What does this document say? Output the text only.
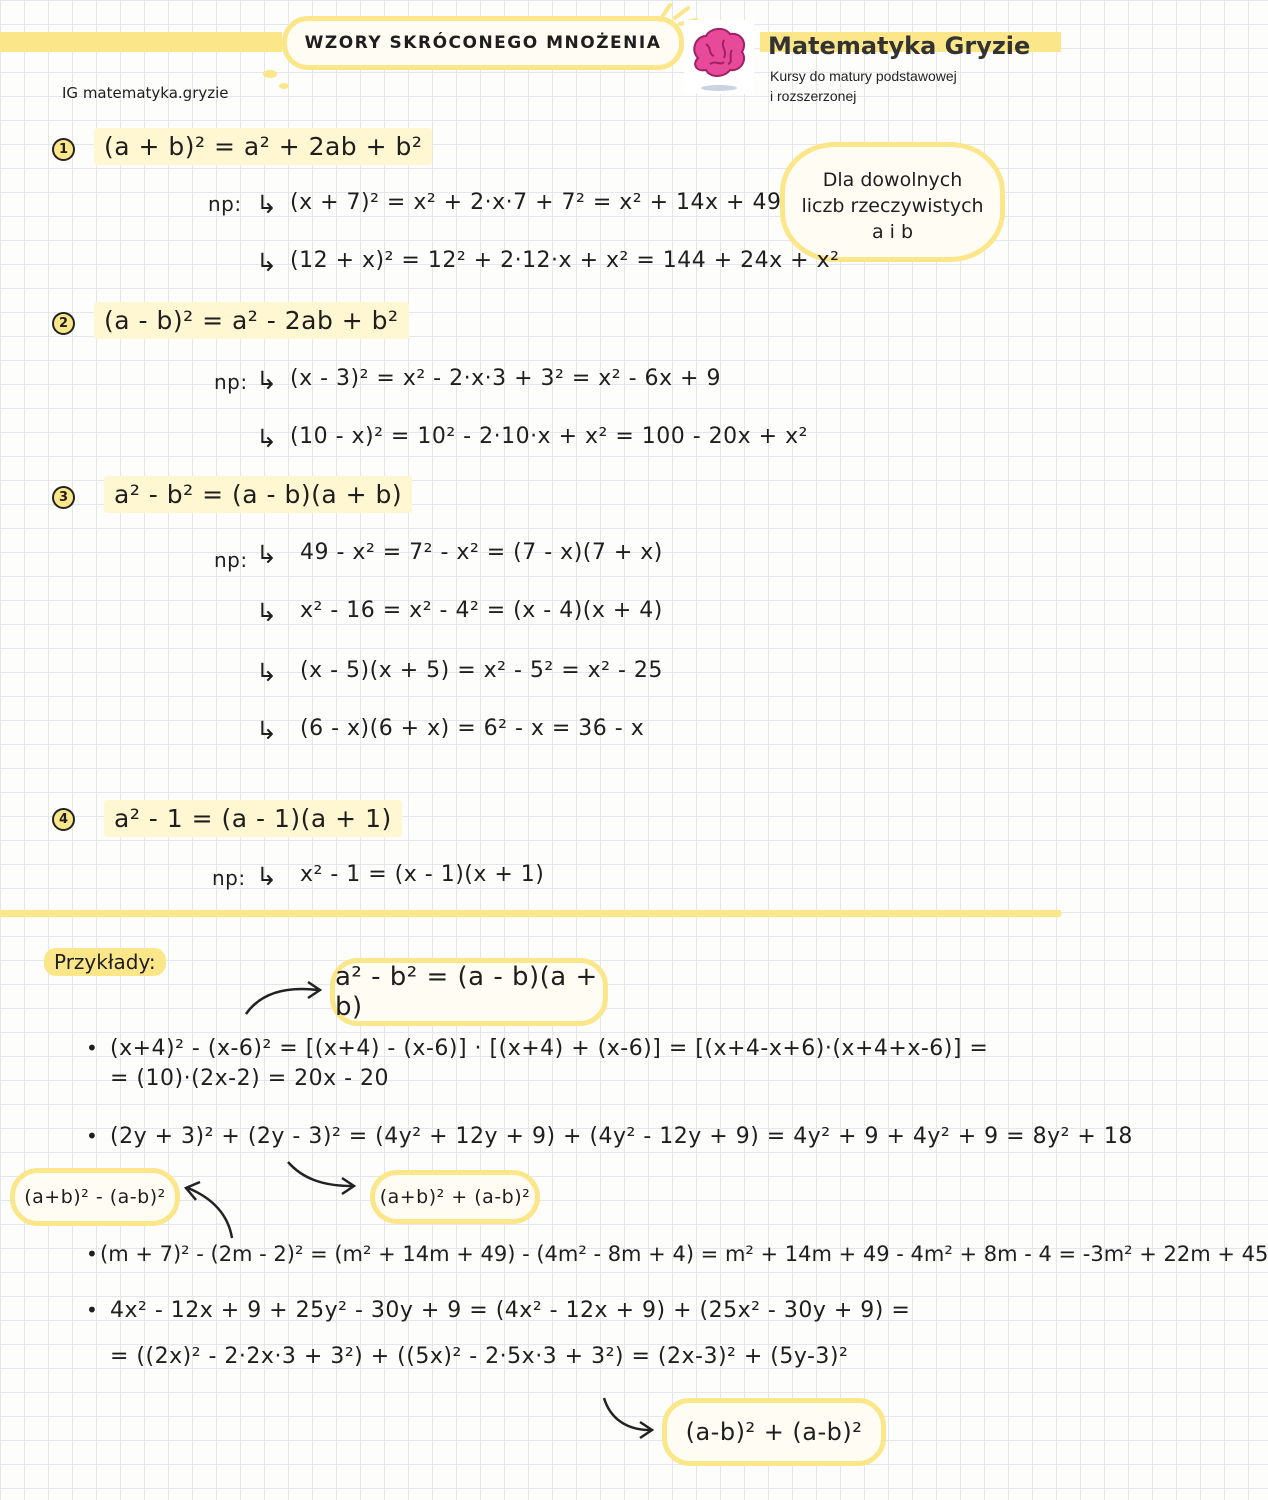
WZORY SKRÓCONEGO MNOŻENIA	Matematyka Gryzie
Kursy do matury podstawowej
i rozszerzonej
IG matematyka.gryzie
Dla dowolnych
liczb rzeczywistych
a i b
1	(a + b)² = a² + 2ab + b²
np: ↳ (x + 7)² = x² + 2·x·7 + 7² = x² + 14x + 49
↳ (12 + x)² = 12² + 2·12·x + x² = 144 + 24x + x²
2	(a - b)² = a² - 2ab + b²
np: ↳ (x - 3)² = x² - 2·x·3 + 3² = x² - 6x + 9
↳ (10 - x)² = 10² - 2·10·x + x² = 100 - 20x + x²
3	a² - b² = (a - b)(a + b)
np: ↳ 49 - x² = 7² - x² = (7 - x)(7 + x)
↳ x² - 16 = x² - 4² = (x - 4)(x + 4)
↳ (x - 5)(x + 5) = x² - 5² = x² - 25
↳ (6 - x)(6 + x) = 6² - x = 36 - x
4	a² - 1 = (a - 1)(a + 1)
np: ↳ x² - 1 = (x - 1)(x + 1)
Przykłady:	a² - b² = (a - b)(a + b)
• (x+4)² - (x-6)² = [(x+4) - (x-6)] · [(x+4) + (x-6)] = [(x+4-x+6)·(x+4+x-6)] =
= (10)·(2x-2) = 20x - 20
• (2y + 3)² + (2y - 3)² = (4y² + 12y + 9) + (4y² - 12y + 9) = 4y² + 9 + 4y² + 9 = 8y² + 18
(a+b)² + (a-b)²
(a+b)² - (a-b)²
• (m + 7)² - (2m - 2)² = (m² + 14m + 49) - (4m² - 8m + 4) = m² + 14m + 49 - 4m² + 8m - 4 = -3m² + 22m + 45
• 4x² - 12x + 9 + 25y² - 30y + 9 = (4x² - 12x + 9) + (25x² - 30y + 9) =
= ((2x)² - 2·2x·3 + 3²) + ((5x)² - 2·5x·3 + 3²) = (2x-3)² + (5y-3)²
(a-b)² + (a-b)²
